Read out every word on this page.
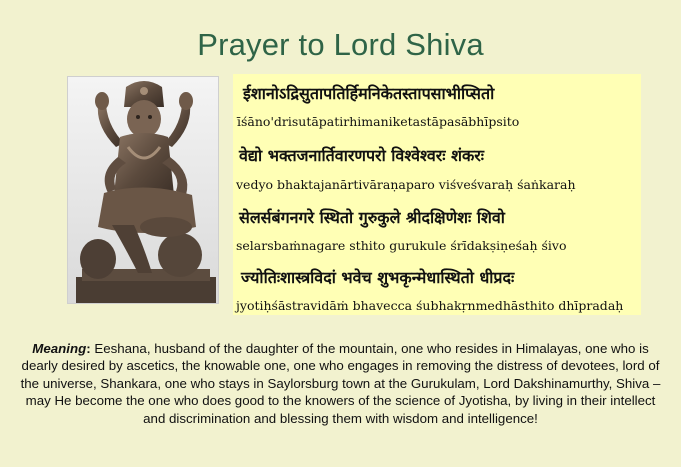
Prayer to Lord Shiva
ईशानोऽद्रिसुतापतिर्हिमनिकेतस्तापसाभीप्सितो
īśāno'drisutāpatirhimaniketastāpasābhīpsito
वेद्यो भक्तजनार्तिवारणपरो विश्वेश्वरः शंकरः
vedyo bhaktajanārtivāraṇaparo viśveśvaraḥ śaṅkaraḥ
सेलर्सबंगनगरे स्थितो गुरुकुले श्रीदक्षिणेशः शिवो
selarsbaṁnagare sthito gurukule śrīdakṣiṇeśaḥ śivo
ज्योतिःशास्त्रविदां भवेच शुभकृन्मेधास्थितो धीप्रदः
jyotiḥśāstravidāṁ bhavecca śubhakṛnmedhāsthito dhīpradaḥ
Meaning: Eeshana, husband of the daughter of the mountain, one who resides in Himalayas, one who is dearly desired by ascetics, the knowable one, one who engages in removing the distress of devotees, lord of the universe, Shankara, one who stays in Saylorsburg town at the Gurukulam, Lord Dakshinamurthy, Shiva – may He become the one who does good to the knowers of the science of Jyotisha, by living in their intellect and discrimination and blessing them with wisdom and intelligence!
